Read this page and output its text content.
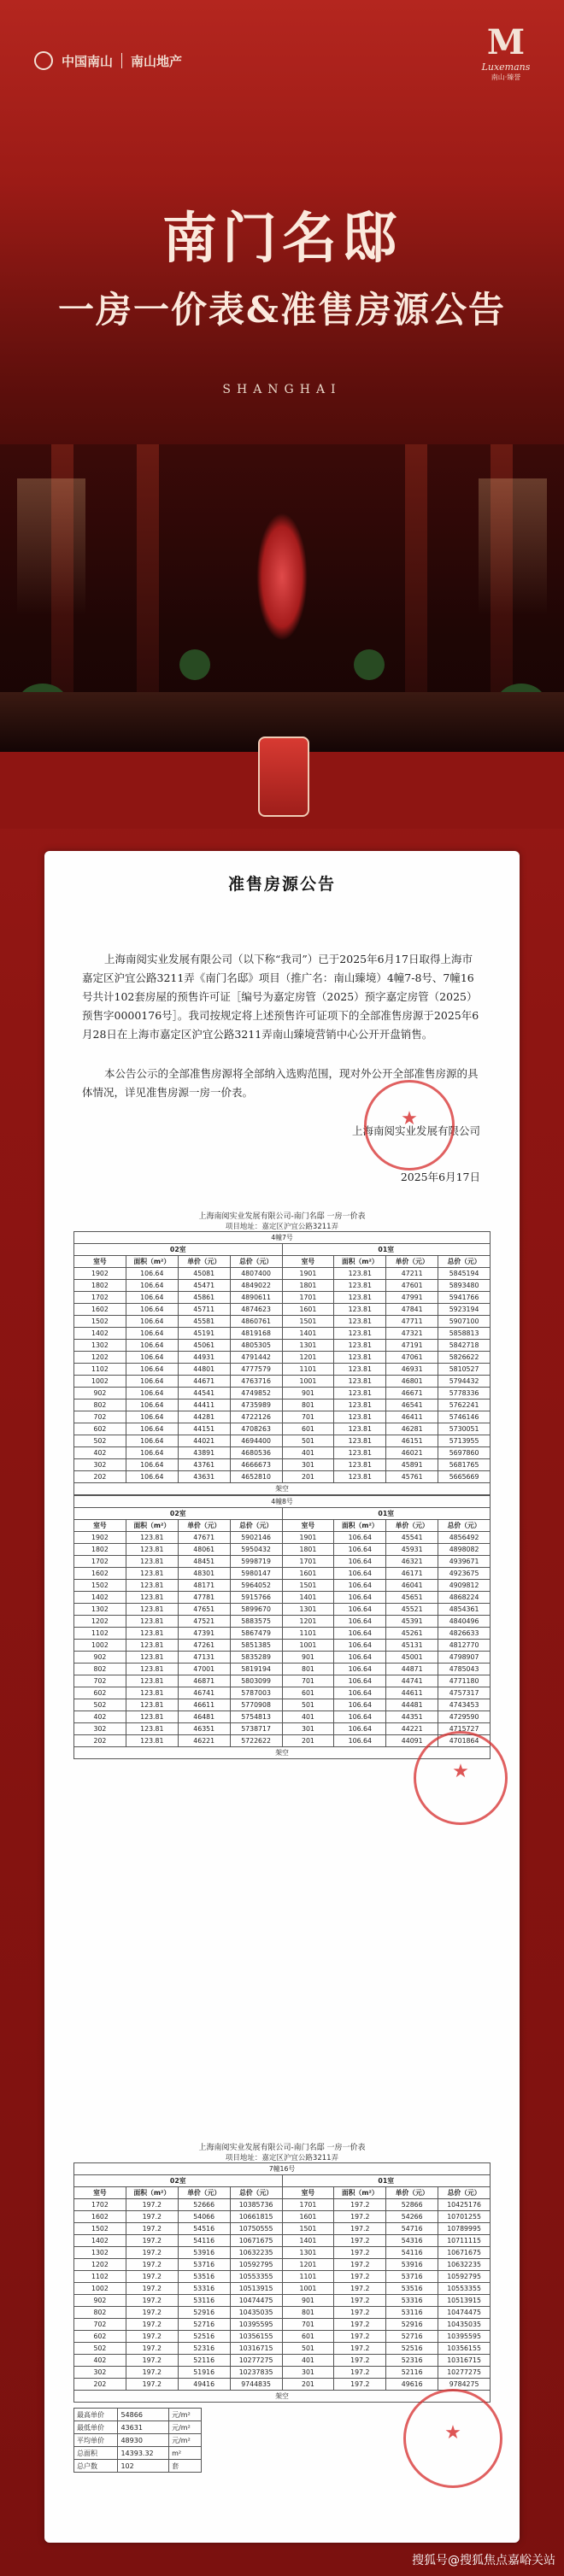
中国南山 南山地产	M
Luxemans
南山·臻誉
南门名邸
一房一价表&准售房源公告
SHANGHAI
准售房源公告
上海南阅实业发展有限公司（以下称“我司”）已于2025年6月17日取得上海市嘉定区沪宜公路3211弄《南门名邸》项目（推广名：南山臻境）4幢7-8号、7幢16号共计102套房屋的预售许可证［编号为嘉定房管（2025）预字嘉定房管（2025）预售字0000176号］。我司按规定将上述预售许可证项下的全部准售房源于2025年6月28日在上海市嘉定区沪宜公路3211弄南山臻境营销中心公开开盘销售。
本公告公示的全部准售房源将全部纳入选购范围，现对外公开全部准售房源的具体情况，详见准售房源一房一价表。
上海南阅实业发展有限公司
2025年6月17日
★
上海南阅实业发展有限公司-南门名邸 一房一价表
项目地址：嘉定区沪宜公路3211弄
4幢7号							
02室				01室			
室号	面积（m²）	单价（元）	总价（元）	室号	面积（m²）	单价（元）	总价（元）
1902	106.64	45081	4807400	1901	123.81	47211	5845194
1802	106.64	45471	4849022	1801	123.81	47601	5893480
1702	106.64	45861	4890611	1701	123.81	47991	5941766
1602	106.64	45711	4874623	1601	123.81	47841	5923194
1502	106.64	45581	4860761	1501	123.81	47711	5907100
1402	106.64	45191	4819168	1401	123.81	47321	5858813
1302	106.64	45061	4805305	1301	123.81	47191	5842718
1202	106.64	44931	4791442	1201	123.81	47061	5826622
1102	106.64	44801	4777579	1101	123.81	46931	5810527
1002	106.64	44671	4763716	1001	123.81	46801	5794432
902	106.64	44541	4749852	901	123.81	46671	5778336
802	106.64	44411	4735989	801	123.81	46541	5762241
702	106.64	44281	4722126	701	123.81	46411	5746146
602	106.64	44151	4708263	601	123.81	46281	5730051
502	106.64	44021	4694400	501	123.81	46151	5713955
402	106.64	43891	4680536	401	123.81	46021	5697860
302	106.64	43761	4666673	301	123.81	45891	5681765
202	106.64	43631	4652810	201	123.81	45761	5665669
架空							
4幢8号							
02室				01室			
室号	面积（m²）	单价（元）	总价（元）	室号	面积（m²）	单价（元）	总价（元）
1902	123.81	47671	5902146	1901	106.64	45541	4856492
1802	123.81	48061	5950432	1801	106.64	45931	4898082
1702	123.81	48451	5998719	1701	106.64	46321	4939671
1602	123.81	48301	5980147	1601	106.64	46171	4923675
1502	123.81	48171	5964052	1501	106.64	46041	4909812
1402	123.81	47781	5915766	1401	106.64	45651	4868224
1302	123.81	47651	5899670	1301	106.64	45521	4854361
1202	123.81	47521	5883575	1201	106.64	45391	4840496
1102	123.81	47391	5867479	1101	106.64	45261	4826633
1002	123.81	47261	5851385	1001	106.64	45131	4812770
902	123.81	47131	5835289	901	106.64	45001	4798907
802	123.81	47001	5819194	801	106.64	44871	4785043
702	123.81	46871	5803099	701	106.64	44741	4771180
602	123.81	46741	5787003	601	106.64	44611	4757317
502	123.81	46611	5770908	501	106.64	44481	4743453
402	123.81	46481	5754813	401	106.64	44351	4729590
302	123.81	46351	5738717	301	106.64	44221	4715727
202	123.81	46221	5722622	201	106.64	44091	4701864
架空							
★
上海南阅实业发展有限公司-南门名邸 一房一价表
项目地址：嘉定区沪宜公路3211弄
7幢16号							
02室				01室			
室号	面积（m²）	单价（元）	总价（元）	室号	面积（m²）	单价（元）	总价（元）
1702	197.2	52666	10385736	1701	197.2	52866	10425176
1602	197.2	54066	10661815	1601	197.2	54266	10701255
1502	197.2	54516	10750555	1501	197.2	54716	10789995
1402	197.2	54116	10671675	1401	197.2	54316	10711115
1302	197.2	53916	10632235	1301	197.2	54116	10671675
1202	197.2	53716	10592795	1201	197.2	53916	10632235
1102	197.2	53516	10553355	1101	197.2	53716	10592795
1002	197.2	53316	10513915	1001	197.2	53516	10553355
902	197.2	53116	10474475	901	197.2	53316	10513915
802	197.2	52916	10435035	801	197.2	53116	10474475
702	197.2	52716	10395595	701	197.2	52916	10435035
602	197.2	52516	10356155	601	197.2	52716	10395595
502	197.2	52316	10316715	501	197.2	52516	10356155
402	197.2	52116	10277275	401	197.2	52316	10316715
302	197.2	51916	10237835	301	197.2	52116	10277275
202	197.2	49416	9744835	201	197.2	49616	9784275
架空							
最高单价	54866	元/m²
最低单价	43631	元/m²
平均单价	48930	元/m²
总面积	14393.32	m²
总户数	102	套
★
搜狐号@搜狐焦点嘉峪关站
